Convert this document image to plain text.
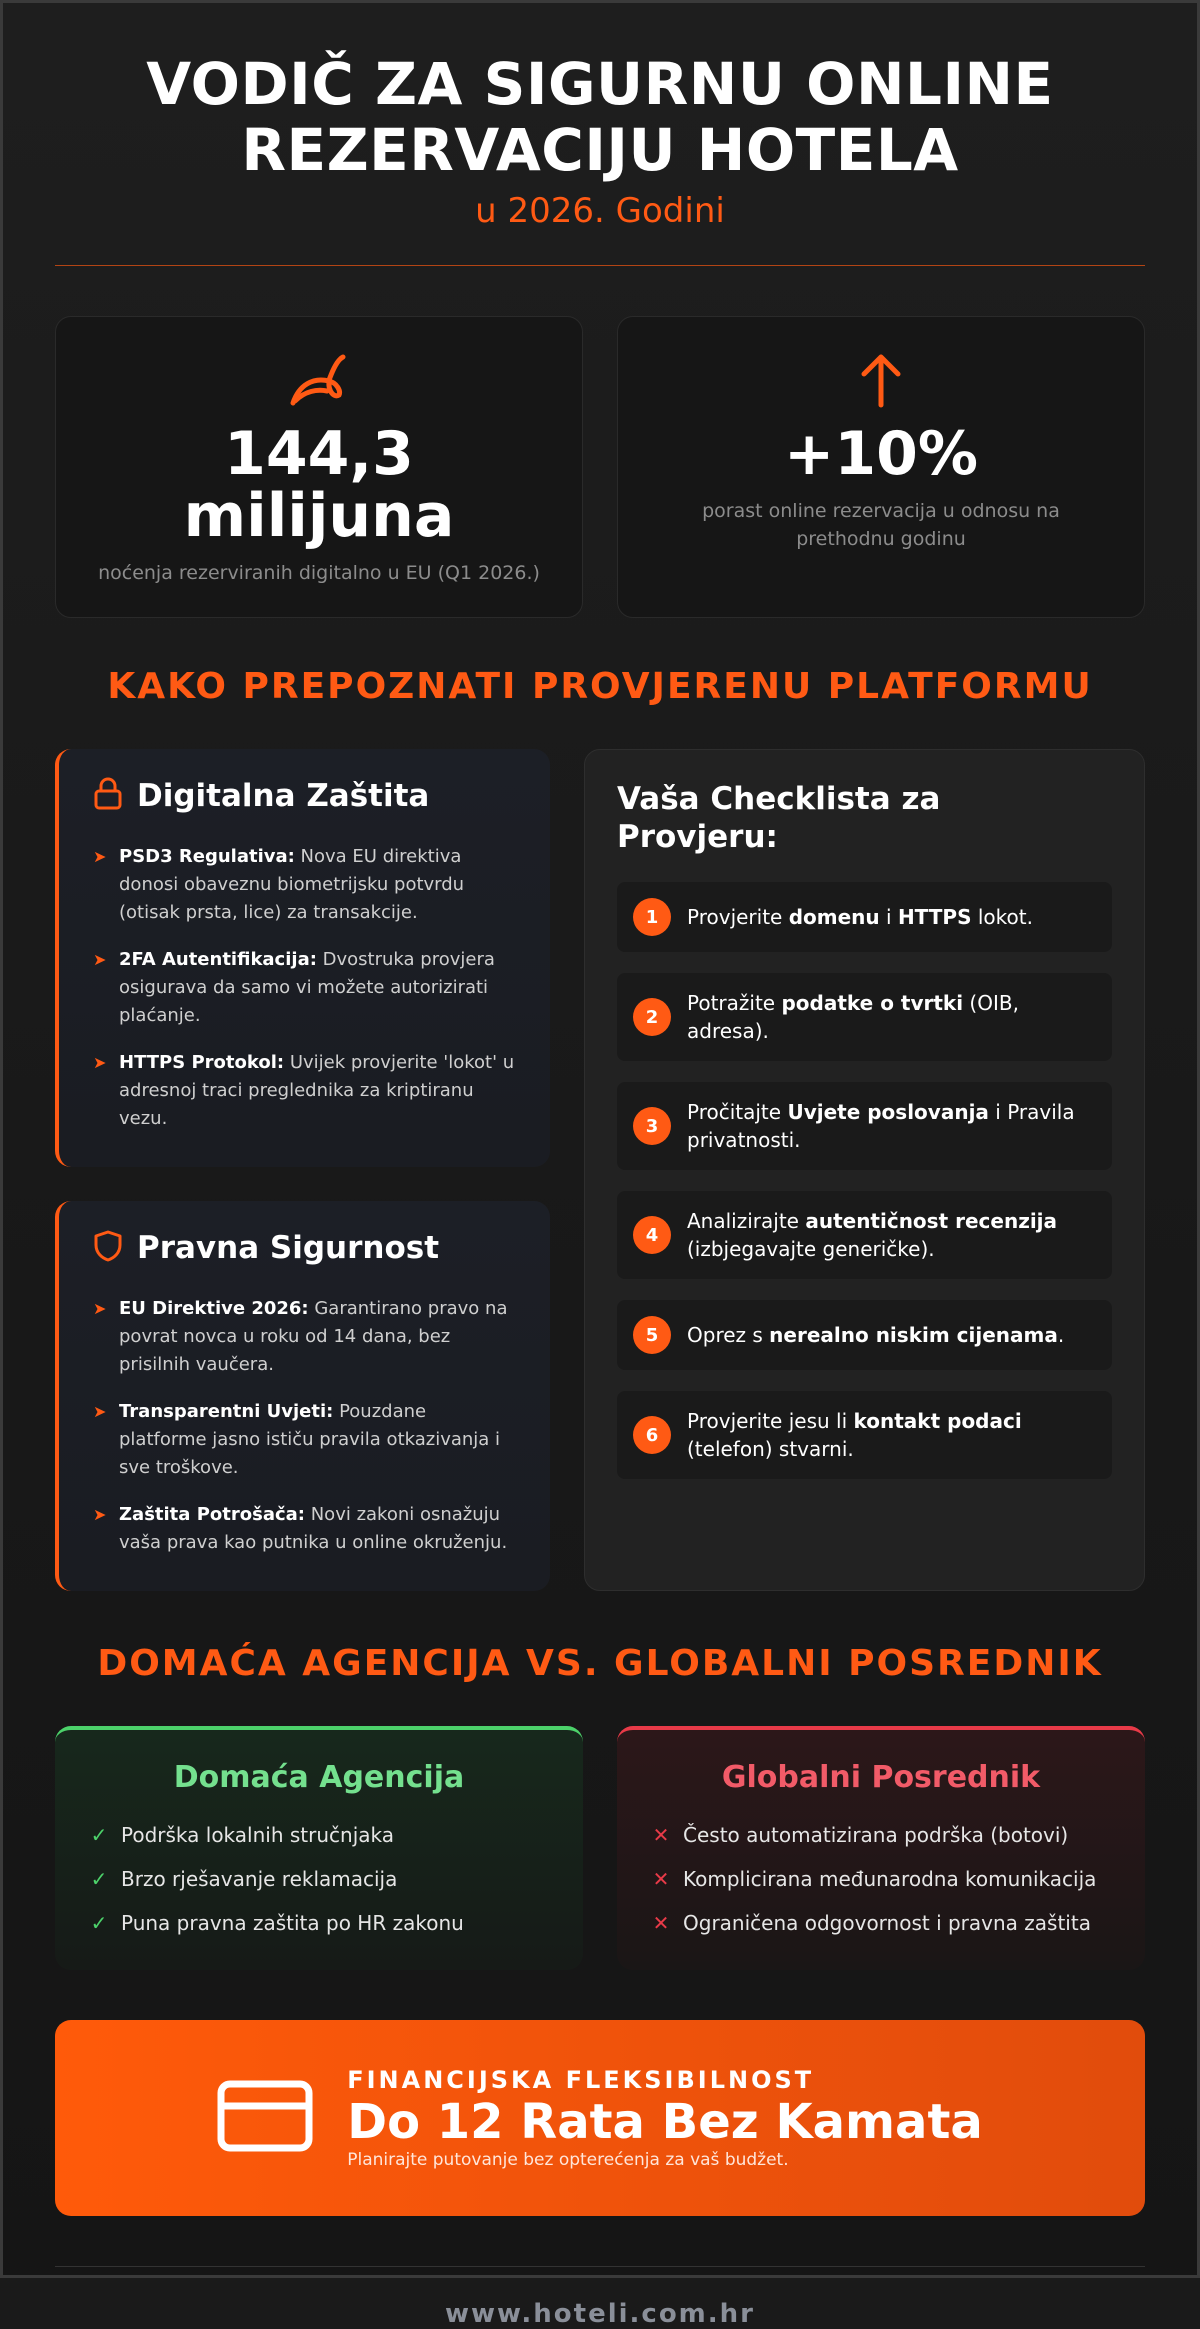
VODIČ ZA SIGURNU ONLINE
REZERVACIJU HOTELA
u 2026. Godini
144,3
milijuna
noćenja rezerviranih digitalno u EU (Q1 2026.)
+10%
porast online rezervacija u odnosu na prethodnu godinu
KAKO PREPOZNATI PROVJERENU PLATFORMU
Digitalna Zaštita
➤ PSD3 Regulativa: Nova EU direktiva donosi obaveznu biometrijsku potvrdu (otisak prsta, lice) za transakcije.
➤ 2FA Autentifikacija: Dvostruka provjera osigurava da samo vi možete autorizirati plaćanje.
➤ HTTPS Protokol: Uvijek provjerite 'lokot' u adresnoj traci preglednika za kriptiranu vezu.
Pravna Sigurnost
➤ EU Direktive 2026: Garantirano pravo na povrat novca u roku od 14 dana, bez prisilnih vaučera.
➤ Transparentni Uvjeti: Pouzdane platforme jasno ističu pravila otkazivanja i sve troškove.
➤ Zaštita Potrošača: Novi zakoni osnažuju vaša prava kao putnika u online okruženju.
Vaša Checklista za Provjeru:
1	Provjerite domenu i HTTPS lokot.
2
Potražite podatke o tvrtki (OIB, adresa).
3
Pročitajte Uvjete poslovanja i Pravila privatnosti.
4
Analizirajte autentičnost recenzija (izbjegavajte generičke).
5	Oprez s nerealno niskim cijenama.
6
Provjerite jesu li kontakt podaci (telefon) stvarni.
DOMAĆA AGENCIJA VS. GLOBALNI POSREDNIK
Domaća Agencija
✓ Podrška lokalnih stručnjaka
✓ Brzo rješavanje reklamacija
✓ Puna pravna zaštita po HR zakonu
Globalni Posrednik
✕ Često automatizirana podrška (botovi)
✕ Komplicirana međunarodna komunikacija
✕ Ograničena odgovornost i pravna zaštita
FINANCIJSKA FLEKSIBILNOST
Do 12 Rata Bez Kamata
Planirajte putovanje bez opterećenja za vaš budžet.
www.hoteli.com.hr
